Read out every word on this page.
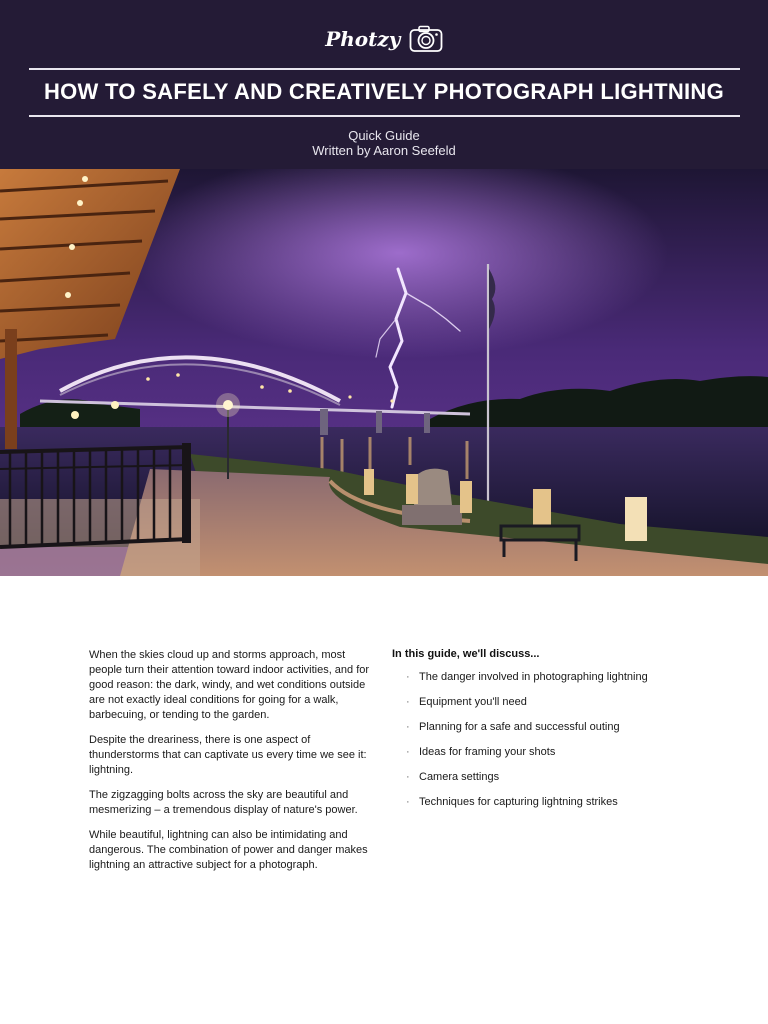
Photzy
HOW TO SAFELY AND CREATIVELY PHOTOGRAPH LIGHTNING
Quick Guide
Written by Aaron Seefeld

When the skies cloud up and storms approach, most people turn their attention toward indoor activities, and for good reason: the dark, windy, and wet conditions outside are not exactly ideal conditions for going for a walk, barbecuing, or tending to the garden.

Despite the dreariness, there is one aspect of thunderstorms that can captivate us every time we see it: lightning.

The zigzagging bolts across the sky are beautiful and mesmerizing – a tremendous display of nature's power.

While beautiful, lightning can also be intimidating and dangerous. The combination of power and danger makes lightning an attractive subject for a photograph.

In this guide, we'll discuss...
· The danger involved in photographing lightning
· Equipment you'll need
· Planning for a safe and successful outing
· Ideas for framing your shots
· Camera settings
· Techniques for capturing lightning strikes
